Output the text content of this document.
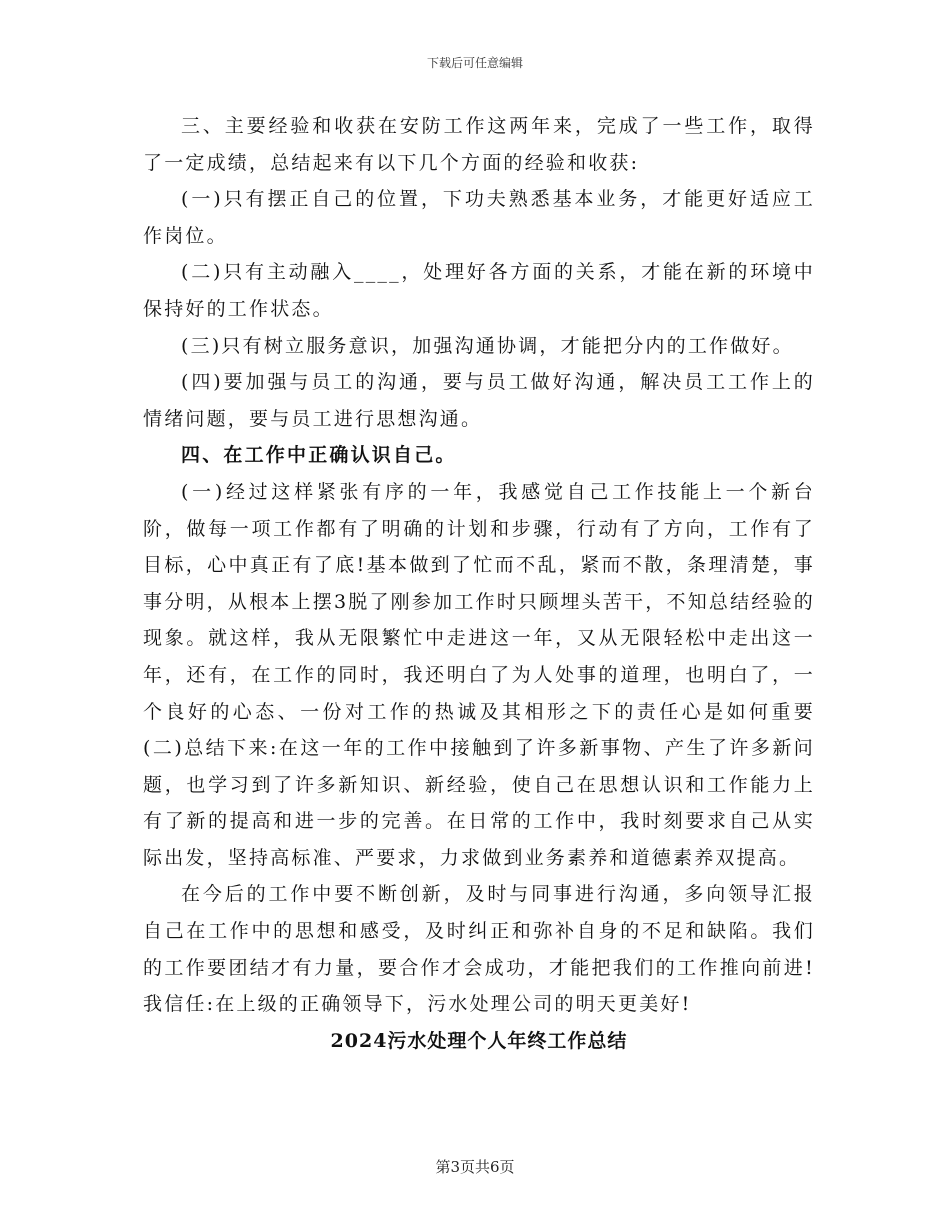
下载后可任意编辑

三、主要经验和收获在安防工作这两年来，完成了一些工作，取得了一定成绩，总结起来有以下几个方面的经验和收获:

(一)只有摆正自己的位置，下功夫熟悉基本业务，才能更好适应工作岗位。

(二)只有主动融入____，处理好各方面的关系，才能在新的环境中保持好的工作状态。

(三)只有树立服务意识，加强沟通协调，才能把分内的工作做好。

(四)要加强与员工的沟通，要与员工做好沟通，解决员工工作上的情绪问题，要与员工进行思想沟通。

四、在工作中正确认识自己。

(一)经过这样紧张有序的一年，我感觉自己工作技能上一个新台阶，做每一项工作都有了明确的计划和步骤，行动有了方向，工作有了目标，心中真正有了底!基本做到了忙而不乱，紧而不散，条理清楚，事事分明，从根本上摆3脱了刚参加工作时只顾埋头苦干，不知总结经验的现象。就这样，我从无限繁忙中走进这一年，又从无限轻松中走出这一年，还有，在工作的同时，我还明白了为人处事的道理，也明白了，一个良好的心态、一份对工作的热诚及其相形之下的责任心是如何重要(二)总结下来:在这一年的工作中接触到了许多新事物、产生了许多新问题，也学习到了许多新知识、新经验，使自己在思想认识和工作能力上有了新的提高和进一步的完善。在日常的工作中，我时刻要求自己从实际出发，坚持高标准、严要求，力求做到业务素养和道德素养双提高。

在今后的工作中要不断创新，及时与同事进行沟通，多向领导汇报自己在工作中的思想和感受，及时纠正和弥补自身的不足和缺陷。我们的工作要团结才有力量，要合作才会成功，才能把我们的工作推向前进!我信任:在上级的正确领导下，污水处理公司的明天更美好!

2024污水处理个人年终工作总结

第3页共6页
